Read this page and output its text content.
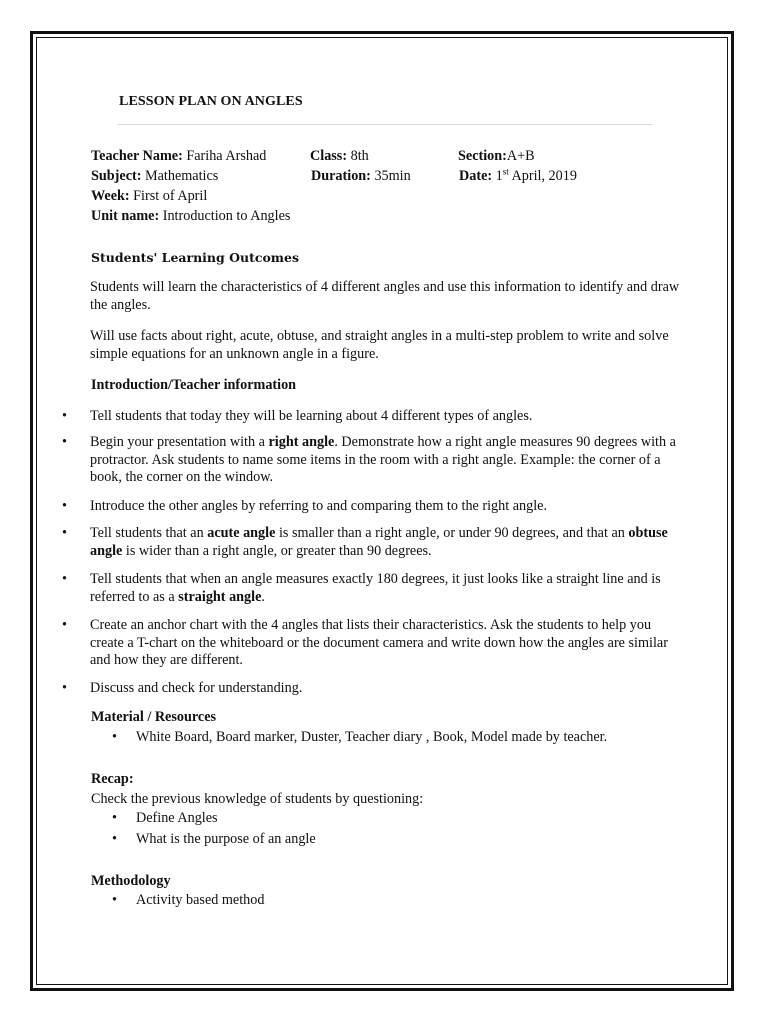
LESSON PLAN ON ANGLES
Teacher Name: Fariha Arshad	Class: 8th	Section:A+B
Subject: Mathematics	Duration: 35min	Date: 1st April, 2019
Week: First of April
Unit name: Introduction to Angles
Students' Learning Outcomes
Students will learn the characteristics of 4 different angles and use this information to identify and draw the angles.
Will use facts about right, acute, obtuse, and straight angles in a multi-step problem to write and solve simple equations for an unknown angle in a figure.
Introduction/Teacher information
•	Tell students that today they will be learning about 4 different types of angles.
•	Begin your presentation with a right angle. Demonstrate how a right angle measures 90 degrees with a protractor. Ask students to name some items in the room with a right angle. Example: the corner of a book, the corner on the window.
•	Introduce the other angles by referring to and comparing them to the right angle.
•	Tell students that an acute angle is smaller than a right angle, or under 90 degrees, and that an obtuse angle is wider than a right angle, or greater than 90 degrees.
•	Tell students that when an angle measures exactly 180 degrees, it just looks like a straight line and is referred to as a straight angle.
•	Create an anchor chart with the 4 angles that lists their characteristics. Ask the students to help you create a T-chart on the whiteboard or the document camera and write down how the angles are similar and how they are different.
•	Discuss and check for understanding.
Material / Resources
• White Board, Board marker, Duster, Teacher diary , Book, Model made by teacher.
Recap:
Check the previous knowledge of students by questioning:
• Define Angles
• What is the purpose of an angle
Methodology
• Activity based method
